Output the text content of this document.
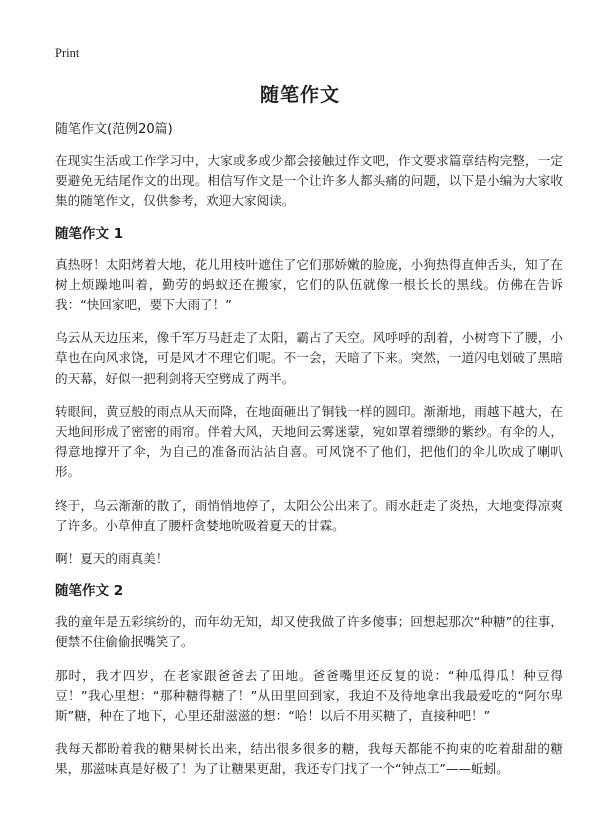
Print
随笔作文

随笔作文(范例20篇)

在现实生活或工作学习中，大家或多或少都会接触过作文吧，作文要求篇章结构完整，一定要避免无结尾作文的出现。相信写作文是一个让许多人都头痛的问题，以下是小编为大家收集的随笔作文，仅供参考，欢迎大家阅读。

随笔作文 1

真热呀！太阳烤着大地，花儿用枝叶遮住了它们那娇嫩的脸庞，小狗热得直伸舌头，知了在树上烦躁地叫着，勤劳的蚂蚁还在搬家，它们的队伍就像一根长长的黑线。仿佛在告诉我：“快回家吧，要下大雨了！”

乌云从天边压来，像千军万马赶走了太阳，霸占了天空。风呼呼的刮着，小树弯下了腰，小草也在向风求饶，可是风才不理它们呢。不一会，天暗了下来。突然，一道闪电划破了黑暗的天幕，好似一把利剑将天空劈成了两半。

转眼间，黄豆般的雨点从天而降，在地面砸出了铜钱一样的圆印。渐渐地，雨越下越大，在天地间形成了密密的雨帘。伴着大风，天地间云雾迷蒙，宛如罩着缥缈的紫纱。有伞的人，得意地撑开了伞，为自己的准备而沾沾自喜。可风饶不了他们，把他们的伞儿吹成了喇叭形。

终于，乌云渐渐的散了，雨悄悄地停了，太阳公公出来了。雨水赶走了炎热，大地变得凉爽了许多。小草伸直了腰杆贪婪地吮吸着夏天的甘霖。

啊！夏天的雨真美！

随笔作文 2

我的童年是五彩缤纷的，而年幼无知，却又使我做了许多傻事；回想起那次“种糖”的往事，便禁不住偷偷抿嘴笑了。

那时，我才四岁，在老家跟爸爸去了田地。爸爸嘴里还反复的说：“种瓜得瓜！种豆得豆！”我心里想：“那种糖得糖了！”从田里回到家，我迫不及待地拿出我最爱吃的“阿尔卑斯”糖，种在了地下，心里还甜滋滋的想：“哈！以后不用买糖了，直接种吧！”

我每天都盼着我的糖果树长出来，结出很多很多的糖，我每天都能不拘束的吃着甜甜的糖果，那滋味真是好极了！为了让糖果更甜，我还专门找了一个“钟点工”——蚯蚓。
